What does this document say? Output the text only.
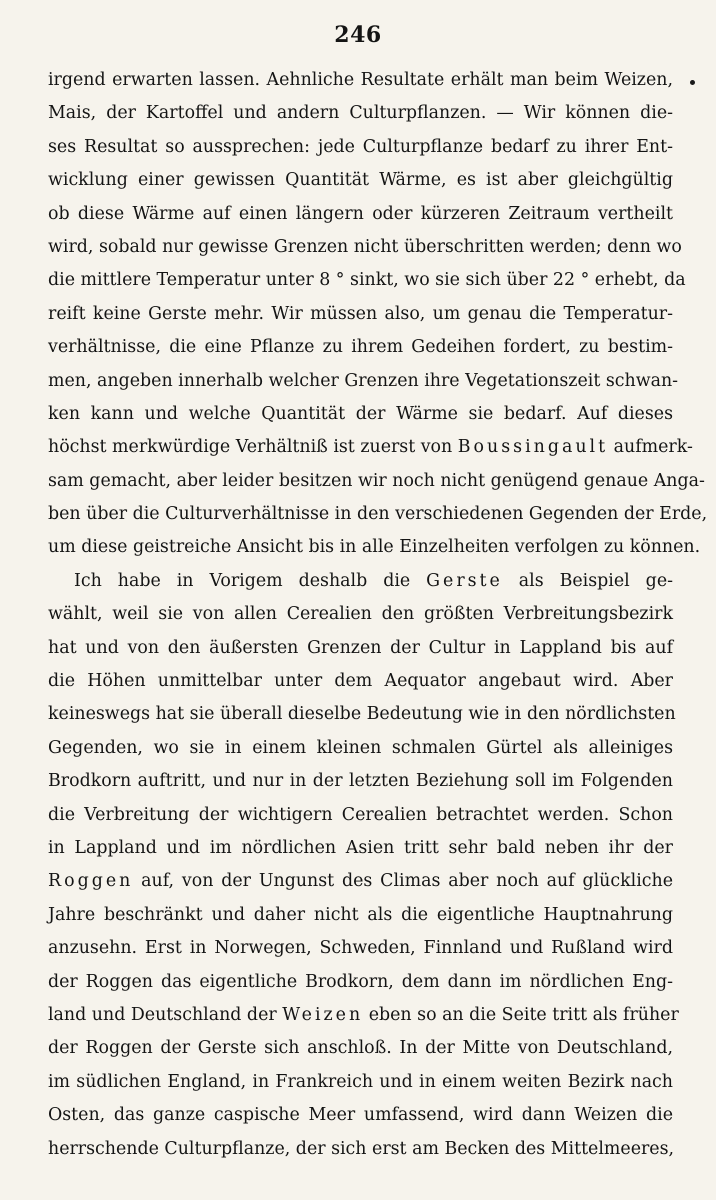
246
irgend erwarten lassen. Aehnliche Resultate erhält man beim Weizen,
Mais, der Kartoffel und andern Culturpflanzen. — Wir können die-
ses Resultat so aussprechen: jede Culturpflanze bedarf zu ihrer Ent-
wicklung einer gewissen Quantität Wärme, es ist aber gleichgültig
ob diese Wärme auf einen längern oder kürzeren Zeitraum vertheilt
wird, sobald nur gewisse Grenzen nicht überschritten werden; denn wo
die mittlere Temperatur unter 8 ° sinkt, wo sie sich über 22 ° erhebt, da
reift keine Gerste mehr. Wir müssen also, um genau die Temperatur-
verhältnisse, die eine Pflanze zu ihrem Gedeihen fordert, zu bestim-
men, angeben innerhalb welcher Grenzen ihre Vegetationszeit schwan-
ken kann und welche Quantität der Wärme sie bedarf. Auf dieses
höchst merkwürdige Verhältniß ist zuerst von Boussingault aufmerk-
sam gemacht, aber leider besitzen wir noch nicht genügend genaue Anga-
ben über die Culturverhältnisse in den verschiedenen Gegenden der Erde,
um diese geistreiche Ansicht bis in alle Einzelheiten verfolgen zu können.
Ich habe in Vorigem deshalb die Gerste als Beispiel ge-
wählt, weil sie von allen Cerealien den größten Verbreitungsbezirk
hat und von den äußersten Grenzen der Cultur in Lappland bis auf
die Höhen unmittelbar unter dem Aequator angebaut wird. Aber
keineswegs hat sie überall dieselbe Bedeutung wie in den nördlichsten
Gegenden, wo sie in einem kleinen schmalen Gürtel als alleiniges
Brodkorn auftritt, und nur in der letzten Beziehung soll im Folgenden
die Verbreitung der wichtigern Cerealien betrachtet werden. Schon
in Lappland und im nördlichen Asien tritt sehr bald neben ihr der
Roggen auf, von der Ungunst des Climas aber noch auf glückliche
Jahre beschränkt und daher nicht als die eigentliche Hauptnahrung
anzusehn. Erst in Norwegen, Schweden, Finnland und Rußland wird
der Roggen das eigentliche Brodkorn, dem dann im nördlichen Eng-
land und Deutschland der Weizen eben so an die Seite tritt als früher
der Roggen der Gerste sich anschloß. In der Mitte von Deutschland,
im südlichen England, in Frankreich und in einem weiten Bezirk nach
Osten, das ganze caspische Meer umfassend, wird dann Weizen die
herrschende Culturpflanze, der sich erst am Becken des Mittelmeeres,
